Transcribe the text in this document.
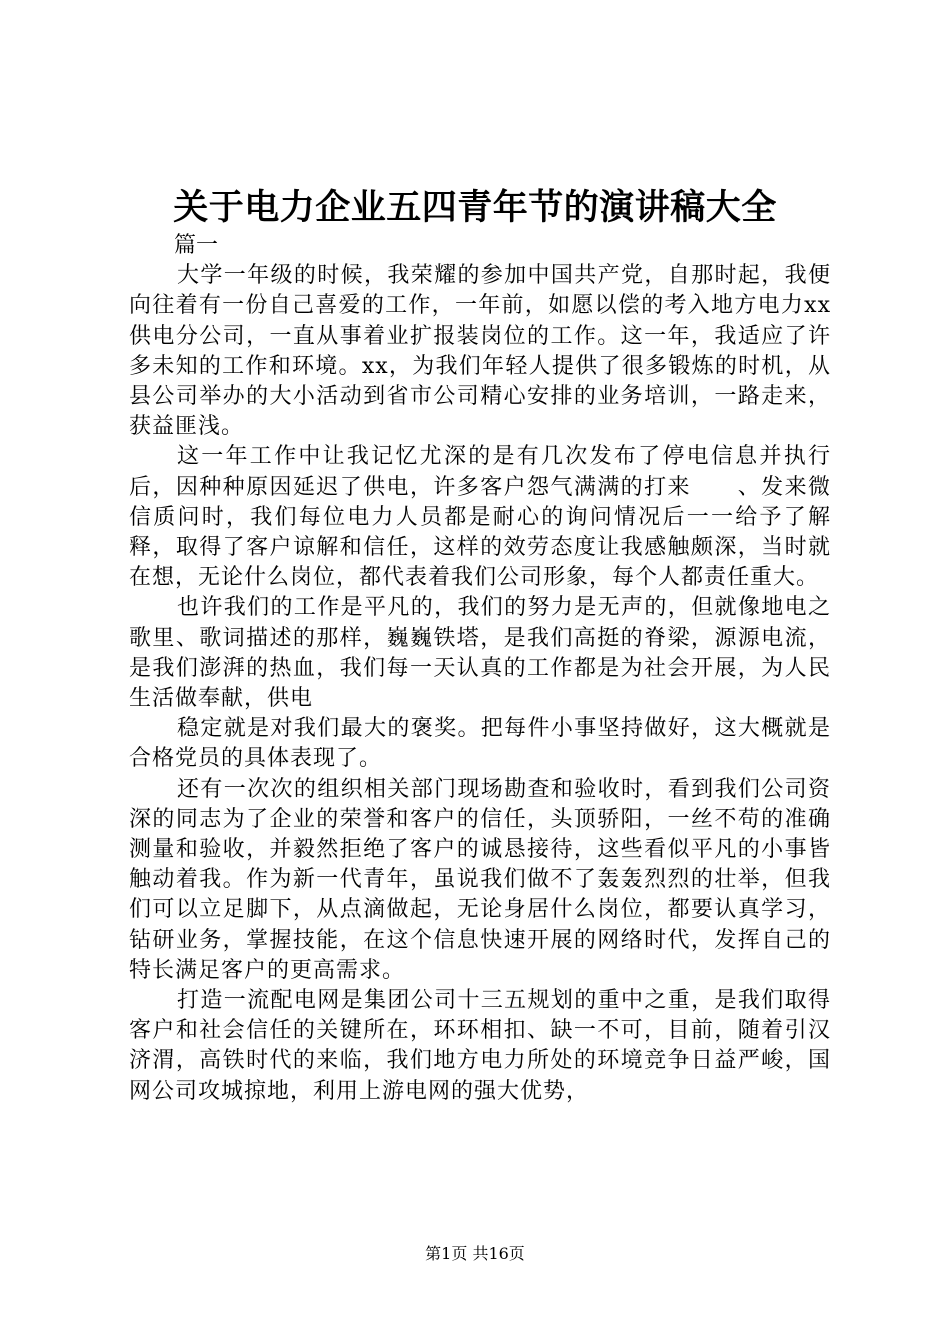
关于电力企业五四青年节的演讲稿大全

篇一

大学一年级的时候，我荣耀的参加中国共产党，自那时起，我便向往着有一份自己喜爱的工作，一年前，如愿以偿的考入地方电力xx供电分公司，一直从事着业扩报装岗位的工作。这一年，我适应了许多未知的工作和环境。xx，为我们年轻人提供了很多锻炼的时机，从县公司举办的大小活动到省市公司精心安排的业务培训，一路走来，获益匪浅。

这一年工作中让我记忆尤深的是有几次发布了停电信息并执行后，因种种原因延迟了供电，许多客户怨气满满的打来　　、发来微信质问时，我们每位电力人员都是耐心的询问情况后一一给予了解释，取得了客户谅解和信任，这样的效劳态度让我感触颇深，当时就在想，无论什么岗位，都代表着我们公司形象，每个人都责任重大。

也许我们的工作是平凡的，我们的努力是无声的，但就像地电之歌里、歌词描述的那样，巍巍铁塔，是我们高挺的脊梁，源源电流，是我们澎湃的热血，我们每一天认真的工作都是为社会开展，为人民生活做奉献，供电

稳定就是对我们最大的褒奖。把每件小事坚持做好，这大概就是合格党员的具体表现了。

还有一次次的组织相关部门现场勘查和验收时，看到我们公司资深的同志为了企业的荣誉和客户的信任，头顶骄阳，一丝不苟的准确测量和验收，并毅然拒绝了客户的诚恳接待，这些看似平凡的小事皆触动着我。作为新一代青年，虽说我们做不了轰轰烈烈的壮举，但我们可以立足脚下，从点滴做起，无论身居什么岗位，都要认真学习，钻研业务，掌握技能，在这个信息快速开展的网络时代，发挥自己的特长满足客户的更高需求。

打造一流配电网是集团公司十三五规划的重中之重，是我们取得客户和社会信任的关键所在，环环相扣、缺一不可，目前，随着引汉济渭，高铁时代的来临，我们地方电力所处的环境竞争日益严峻，国网公司攻城掠地，利用上游电网的强大优势，

第1页 共16页
